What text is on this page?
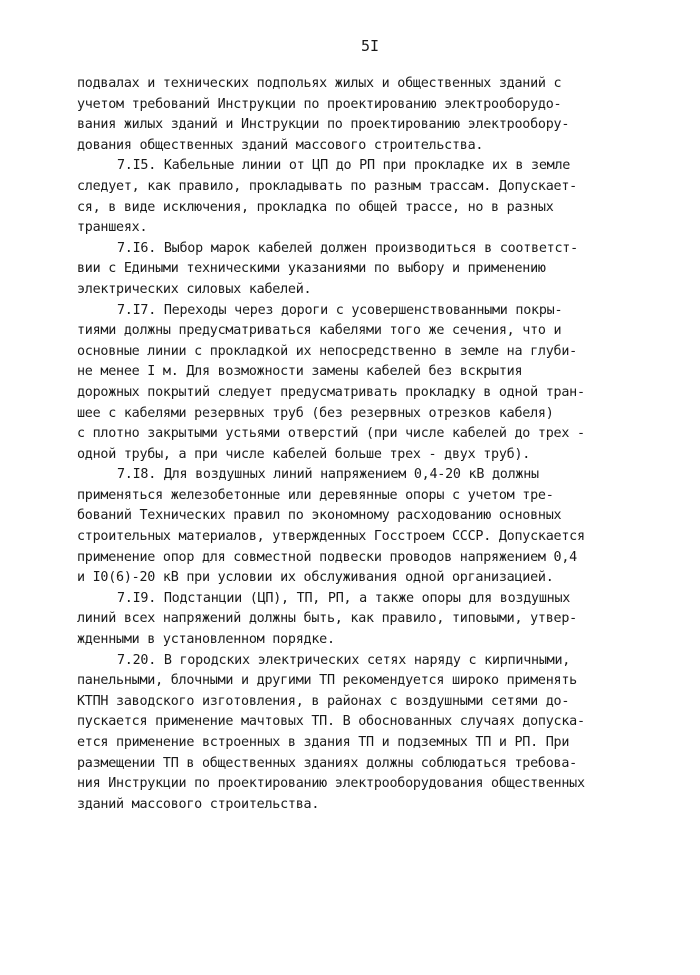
5I
подвалах и технических подпольях жилых и общественных зданий с
учетом требований Инструкции по проектированию электрооборудо-
вания жилых зданий и Инструкции по проектированию электрообору-
дования общественных зданий массового строительства.
7.I5. Кабельные линии от ЦП до РП при прокладке их в земле
следует, как правило, прокладывать по разным трассам. Допускает-
ся, в виде исключения, прокладка по общей трассе, но в разных
траншеях.
7.I6. Выбор марок кабелей должен производиться в соответст-
вии с Едиными техническими указаниями по выбору и применению
электрических силовых кабелей.
7.I7. Переходы через дороги с усовершенствованными покры-
тиями должны предусматриваться кабелями того же сечения, что и
основные линии с прокладкой их непосредственно в земле на глуби-
не менее I м. Для возможности замены кабелей без вскрытия
дорожных покрытий следует предусматривать прокладку в одной тран-
шее с кабелями резервных труб (без резервных отрезков кабеля)
с плотно закрытыми устьями отверстий (при числе кабелей до трех -
одной трубы, а при числе кабелей больше трех - двух труб).
7.I8. Для воздушных линий напряжением 0,4-20 кВ должны
применяться железобетонные или деревянные опоры с учетом тре-
бований Технических правил по экономному расходованию основных
строительных материалов, утвержденных Госстроем СССР. Допускается
применение опор для совместной подвески проводов напряжением 0,4
и I0(6)-20 кВ при условии их обслуживания одной организацией.
7.I9. Подстанции (ЦП), ТП, РП, а также опоры для воздушных
линий всех напряжений должны быть, как правило, типовыми, утвер-
жденными в установленном порядке.
7.20. В городских электрических сетях наряду с кирпичными,
панельными, блочными и другими ТП рекомендуется широко применять
КТПН заводского изготовления, в районах с воздушными сетями до-
пускается применение мачтовых ТП. В обоснованных случаях допуска-
ется применение встроенных в здания ТП и подземных ТП и РП. При
размещении ТП в общественных зданиях должны соблюдаться требова-
ния Инструкции по проектированию электрооборудования общественных
зданий массового строительства.
